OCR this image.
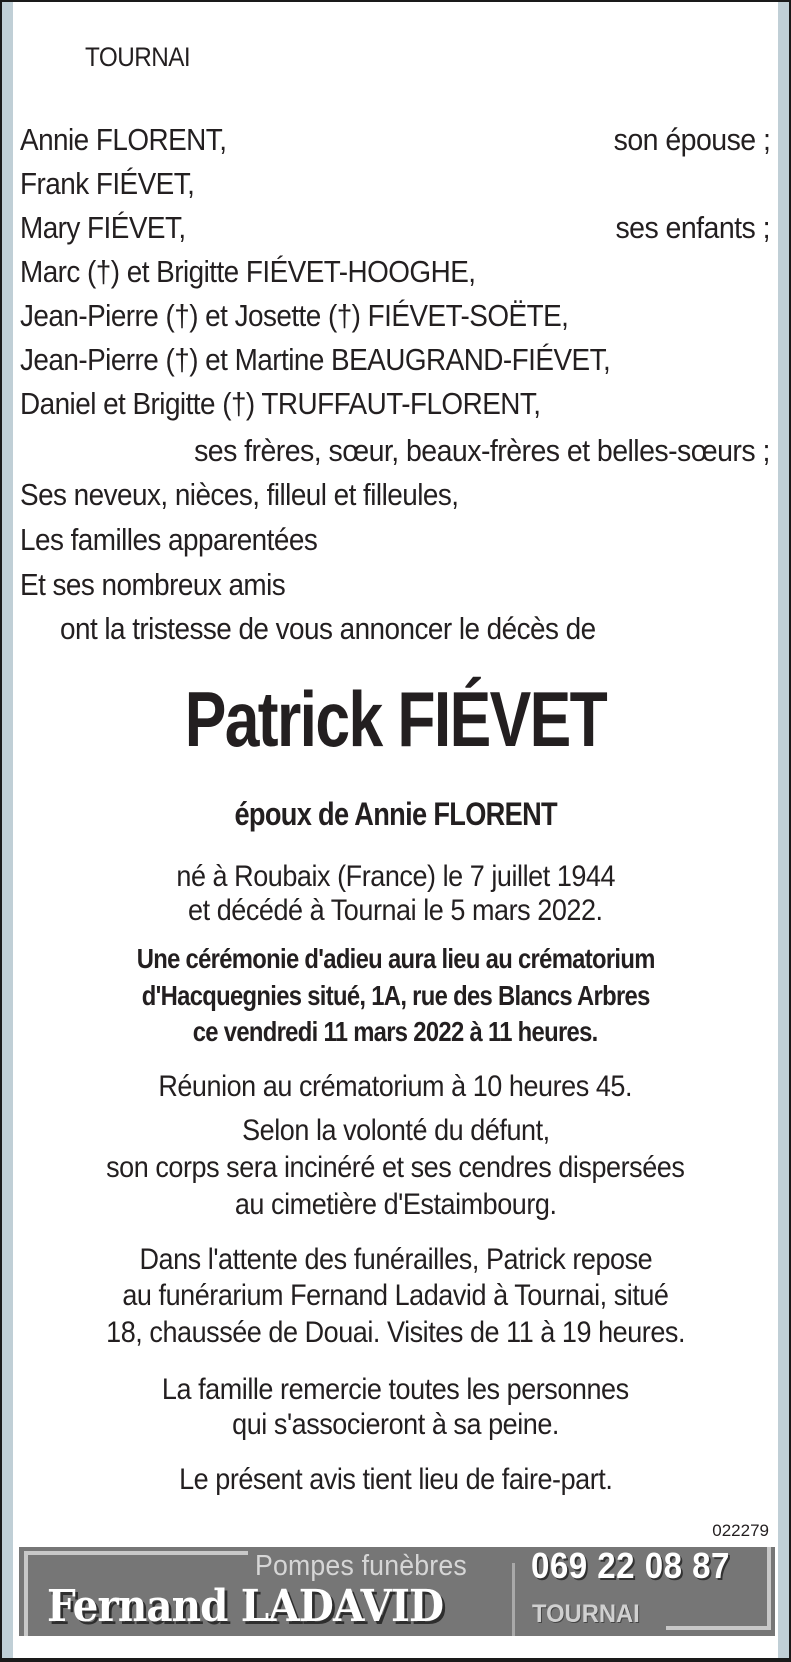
TOURNAI
Annie FLORENT,	son épouse ;
Frank FIÉVET,
Mary FIÉVET,	ses enfants ;
Marc (†) et Brigitte FIÉVET-HOOGHE,
Jean-Pierre (†) et Josette (†) FIÉVET-SOËTE,
Jean-Pierre (†) et Martine BEAUGRAND-FIÉVET,
Daniel et Brigitte (†) TRUFFAUT-FLORENT,
ses frères, sœur, beaux-frères et belles-sœurs ;
Ses neveux, nièces, filleul et filleules,
Les familles apparentées
Et ses nombreux amis
ont la tristesse de vous annoncer le décès de
Patrick FIÉVET
époux de Annie FLORENT
né à Roubaix (France) le 7 juillet 1944
et décédé à Tournai le 5 mars 2022.
Une cérémonie d'adieu aura lieu au crématorium
d'Hacquegnies situé, 1A, rue des Blancs Arbres
ce vendredi 11 mars 2022 à 11 heures.
Réunion au crématorium à 10 heures 45.
Selon la volonté du défunt,
son corps sera incinéré et ses cendres dispersées
au cimetière d'Estaimbourg.
Dans l'attente des funérailles, Patrick repose
au funérarium Fernand Ladavid à Tournai, situé
18, chaussée de Douai. Visites de 11 à 19 heures.
La famille remercie toutes les personnes
qui s'associeront à sa peine.
Le présent avis tient lieu de faire-part.
022279
Pompes funèbres
Fernand LADAVID
069 22 08 87
TOURNAI
